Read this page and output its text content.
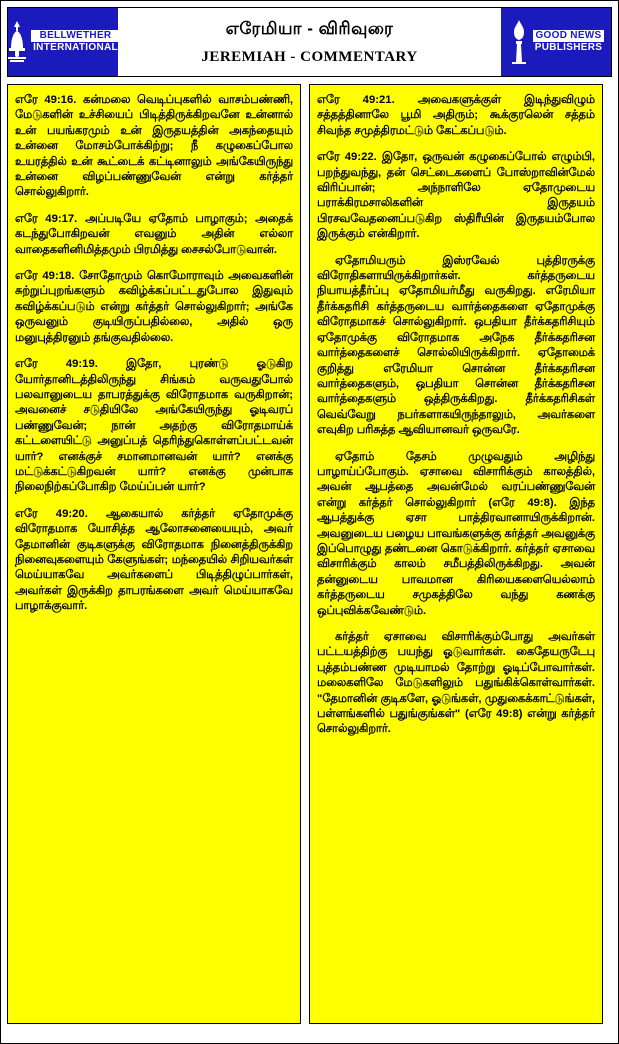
BELLWETHER
INTERNATIONAL
எரேமியா - விரிவுரை
JEREMIAH - COMMENTARY
GOOD NEWS
PUBLISHERS

எரே 49:16. கன்மலை வெடிப்புகளில் வாசம்பண்ணி, மேடுகளின் உச்சியைப் பிடித்திருக்கிறவனே உன்னால் உன் பயங்கரமும் உன் இருதயத்தின் அகந்தையும் உன்னை மோசம்போக்கிற்று; நீ கழுகைப்போல உயரத்தில் உன் கூட்டைக் கட்டினாலும் அங்கேயிருந்து உன்னை விழப்பண்ணுவேன் என்று கர்த்தர் சொல்லுகிறார்.

எரே 49:17. அப்படியே ஏதோம் பாழாகும்; அதைக் கடந்துபோகிறவன் எவனும் அதின் எல்லா வாதைகளினிமித்தமும் பிரமித்து சைசல்போடுவான்.

எரே 49:18. சோதோமும் கொமோராவும் அவைகளின் சுற்றுப்புறங்களும் கவிழ்க்கப்பட்டதுபோல இதுவும் கவிழ்க்கப்படும் என்று கர்த்தர் சொல்லுகிறார்; அங்கே ஒருவனும் குடியிருப்பதில்லை, அதில் ஒரு மனுபுத்திரனும் தங்குவதில்லை.

எரே 49:19. இதோ, புரண்டு ஓடுகிற யோர்தானிடத்திலிருந்து சிங்கம் வருவதுபோல் பலவானுடைய தாபரத்துக்கு விரோதமாக வருகிறான்; அவனைச் சடுதியிலே அங்கேயிருந்து ஓடிவரப் பண்ணுவேன்; நான் அதற்கு விரோதமாய்க் கட்டளையிட்டு அனுப்பத் தெரிந்துகொள்ளப்பட்டவன் யார்? எனக்குச் சமானமானவன் யார்? எனக்கு மட்டுக்கட்டுகிறவன் யார்? எனக்கு முன்பாக நிலைநிற்கப்போகிற மேய்ப்பன் யார்?

எரே 49:20. ஆகையால் கர்த்தர் ஏதோமுக்கு விரோதமாக யோசித்த ஆலோசனையையும், அவர் தேமானின் குடிகளுக்கு விரோதமாக நினைத்திருக்கிற நினைவுகளையும் கேளுங்கள்; மந்தையில் சிறியவர்கள் மெய்யாகவே அவர்களைப் பிடித்திழுப்பார்கள், அவர்கள் இருக்கிற தாபரங்களை அவர் மெய்யாகவே பாழாக்குவார்.

எரே 49:21. அவைகளுக்குள் இடிந்துவிழும் சத்தத்தினாலே பூமி அதிரும்; கூக்குரலென் சத்தம் சிவந்த சமுத்திரமட்டும் கேட்கப்படும்.

எரே 49:22. இதோ, ஒருவன் கழுகைப்போல் எழும்பி, பறந்துவந்து, தன் செட்டைகளைப் போஸ்றாவின்மேல் விரிப்பான்; அந்நாளிலே ஏதோமுடைய பராக்கிரமசாலிகளின் இருதயம் பிரசவவேதனைப்படுகிற ஸ்திரீயின் இருதயம்போல இருக்கும் என்கிறார்.

ஏதோமியரும் இஸ்ரவேல் புத்திரருக்கு விரோதிகளாயிருக்கிறார்கள். கர்த்தருடைய நியாயத்தீர்ப்பு ஏதோமியர்மீது வருகிறது. எரேமியா தீர்க்கதரிசி கர்த்தருடைய வார்த்தைகளை ஏதோமுக்கு விரோதமாகச் சொல்லுகிறார். ஒபதியா தீர்க்கதரிசியும் ஏதோமுக்கு விரோதமாக அநேக தீர்க்கதரிசன வார்த்தைகளைச் சொல்லியிருக்கிறார். ஏதோமைக் குறித்து எரேமியா சொன்ன தீர்க்கதரிசன வார்த்தைகளும், ஒபதியா சொன்ன தீர்க்கதரிசன வார்த்தைகளும் ஒத்திருக்கிறது. தீர்க்கதரிசிகள் வெவ்வேறு நபர்களாகயிருந்தாலும், அவர்களை எவுகிற பரிசுத்த ஆவியானவர் ஒருவரே.

ஏதோம் தேசம் முழுவதும் அழிந்து பாழாய்ப்போகும். ஏசாவை விசாரிக்கும் காலத்தில், அவன் ஆபத்தை அவன்மேல் வரப்பண்ணுவேன் என்று கர்த்தர் சொல்லுகிறார் (எரே 49:8). இந்த ஆபத்துக்கு ஏசா பாத்திரவானாயிருக்கிறான். அவனுடைய பழைய பாவங்களுக்கு கர்த்தர் அவனுக்கு இப்பொழுது தண்டனை கொடுக்கிறார். கர்த்தர் ஏசாவை விசாரிக்கும் காலம் சமீபத்திலிருக்கிறது. அவன் தன்னுடைய பாவமான கிரியைகளையெல்லாம் கர்த்தருடைய சமுகத்திலே வந்து கணக்கு ஒப்புவிக்கவேண்டும்.

கர்த்தர் ஏசாவை விசாரிக்கும்போது அவர்கள் பட்டயத்திற்கு பயந்து ஓடுவார்கள். கைதேயருடேபு புத்தம்பண்ண முடியாமல் தோற்று ஓடிப்போவார்கள். மலைகளிலே மேடுகளிலும் பதுங்கிக்கொள்வார்கள். "தேமானின் குடிகளே, ஓடுங்கள், முதுகைக்காட்டுங்கள், பள்ளங்களில் பதுங்குங்கள்" (எரே 49:8) என்று கர்த்தர் சொல்லுகிறார்.
